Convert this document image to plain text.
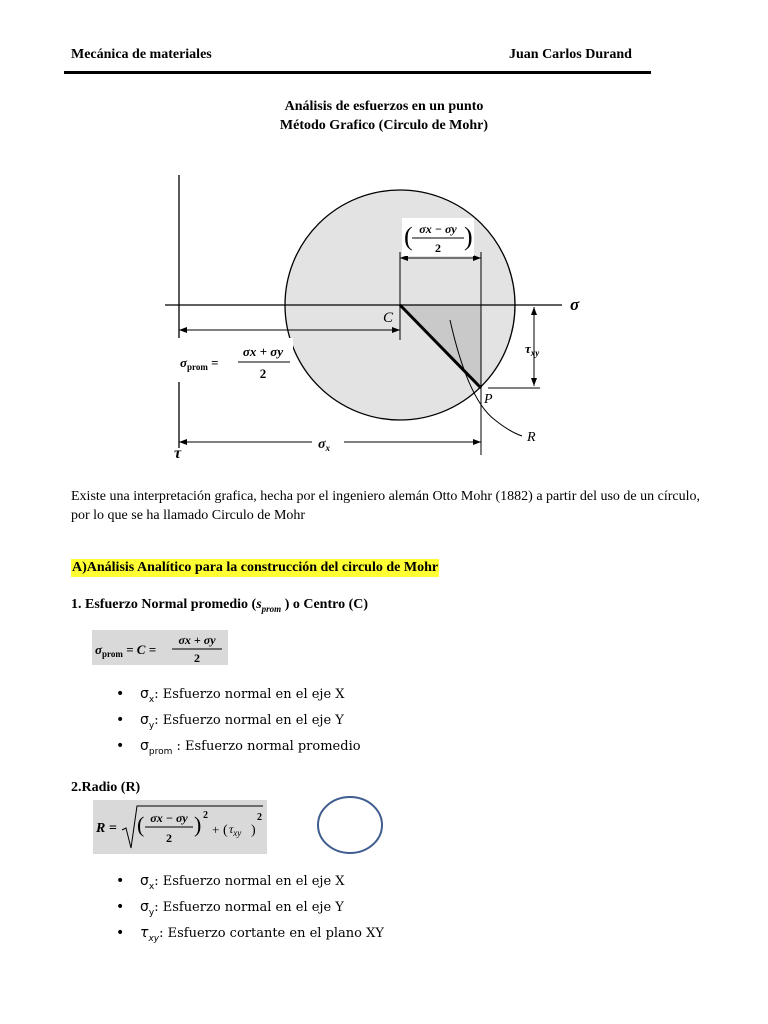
Mecánica de materiales	Juan Carlos Durand
Análisis de esfuerzos en un punto
Método Grafico (Circulo de Mohr)
σx − σy
2
( )
$\tau_{xy}$
$\sigma_{prom}$ =
σx + σy
2
$\sigma_x$
C
P
R
σ
τ
Existe una interpretación grafica, hecha por el ingeniero alemán Otto Mohr (1882) a partir del uso de un círculo, por lo que se ha llamado Circulo de Mohr
A)Análisis Analítico para la construcción del circulo de Mohr
1. Esfuerzo Normal promedio ($s_{prom}$ ) o Centro (C)
$\sigma_{prom} = C$ =
σx + σy
2
• $\sigma_x$: Esfuerzo normal en el eje X
• $\sigma_y$: Esfuerzo normal en el eje Y
• $\sigma_{prom}$ : Esfuerzo normal promedio
2.Radio (R)
R = ( σx − σy
2
) 2
+ ( $\tau_{xy}$ )
2
• $\sigma_x$: Esfuerzo normal en el eje X
• $\sigma_y$: Esfuerzo normal en el eje Y
• $\tau_{xy}$: Esfuerzo cortante en el plano XY
